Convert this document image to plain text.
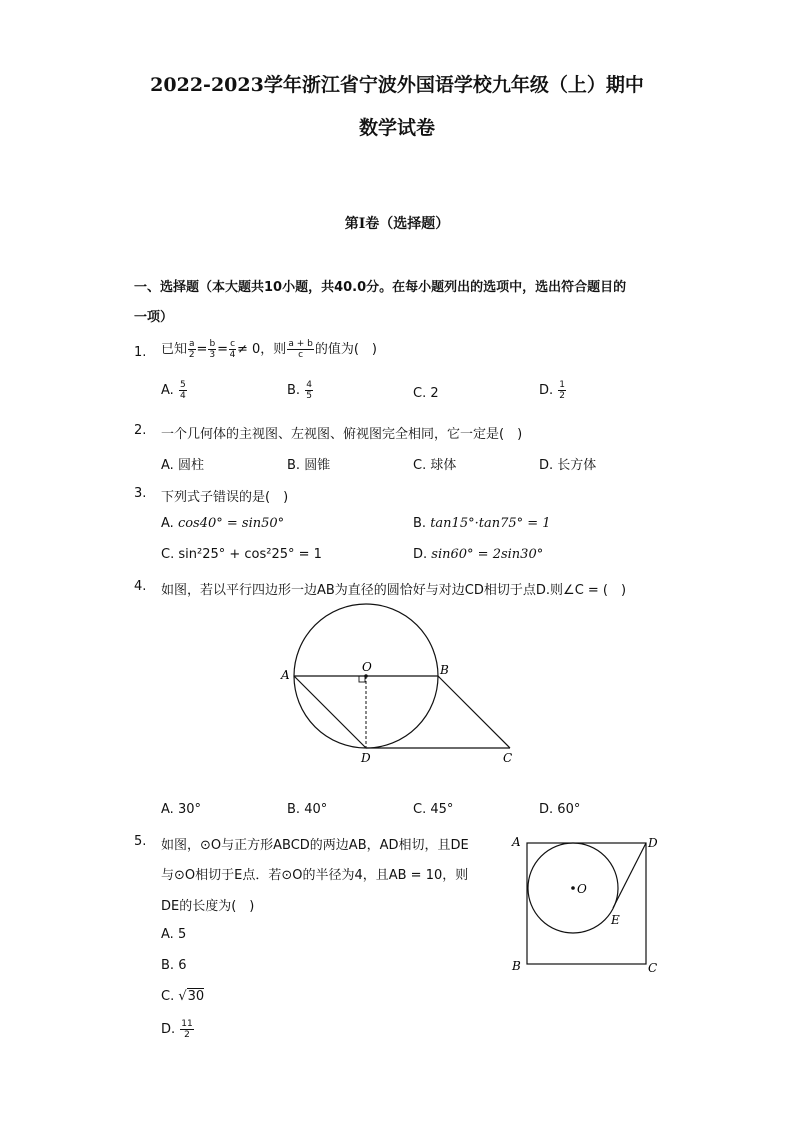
2022-2023学年浙江省宁波外国语学校九年级（上）期中
数学试卷
第I卷（选择题）
一、选择题（本大题共10小题，共40.0分。在每小题列出的选项中，选出符合题目的
一项）
1. 已知 $\frac{a}{2} = \frac{b}{3} = \frac{c}{4} \ne 0$，则 $\frac{a + b}{c}$ 的值为(　)
A. $\frac{5}{4}$	B. $\frac{4}{5}$	C. 2	D. $\frac{1}{2}$
2. 一个几何体的主视图、左视图、俯视图完全相同，它一定是(　)
A. 圆柱	B. 圆锥	C. 球体	D. 长方体
3. 下列式子错误的是(　)
A. cos40° = sin50°	B. tan15°·tan75° = 1
C. sin²25° + cos²25° = 1	D. sin60° = 2sin30°
4. 如图，若以平行四边形一边AB为直径的圆恰好与对边CD相切于点D.则∠C = (　)
A	B
O
D	C
A. 30°	B. 40°	C. 45°	D. 60°
5. 如图，⊙O与正方形ABCD的两边AB，AD相切，且DE
与⊙O相切于E点．若⊙O的半径为4，且AB = 10，则
DE的长度为(　)
A	D
B	C
E
O
A. 5
B. 6
C. √30
D. $\frac{11}{2}$
